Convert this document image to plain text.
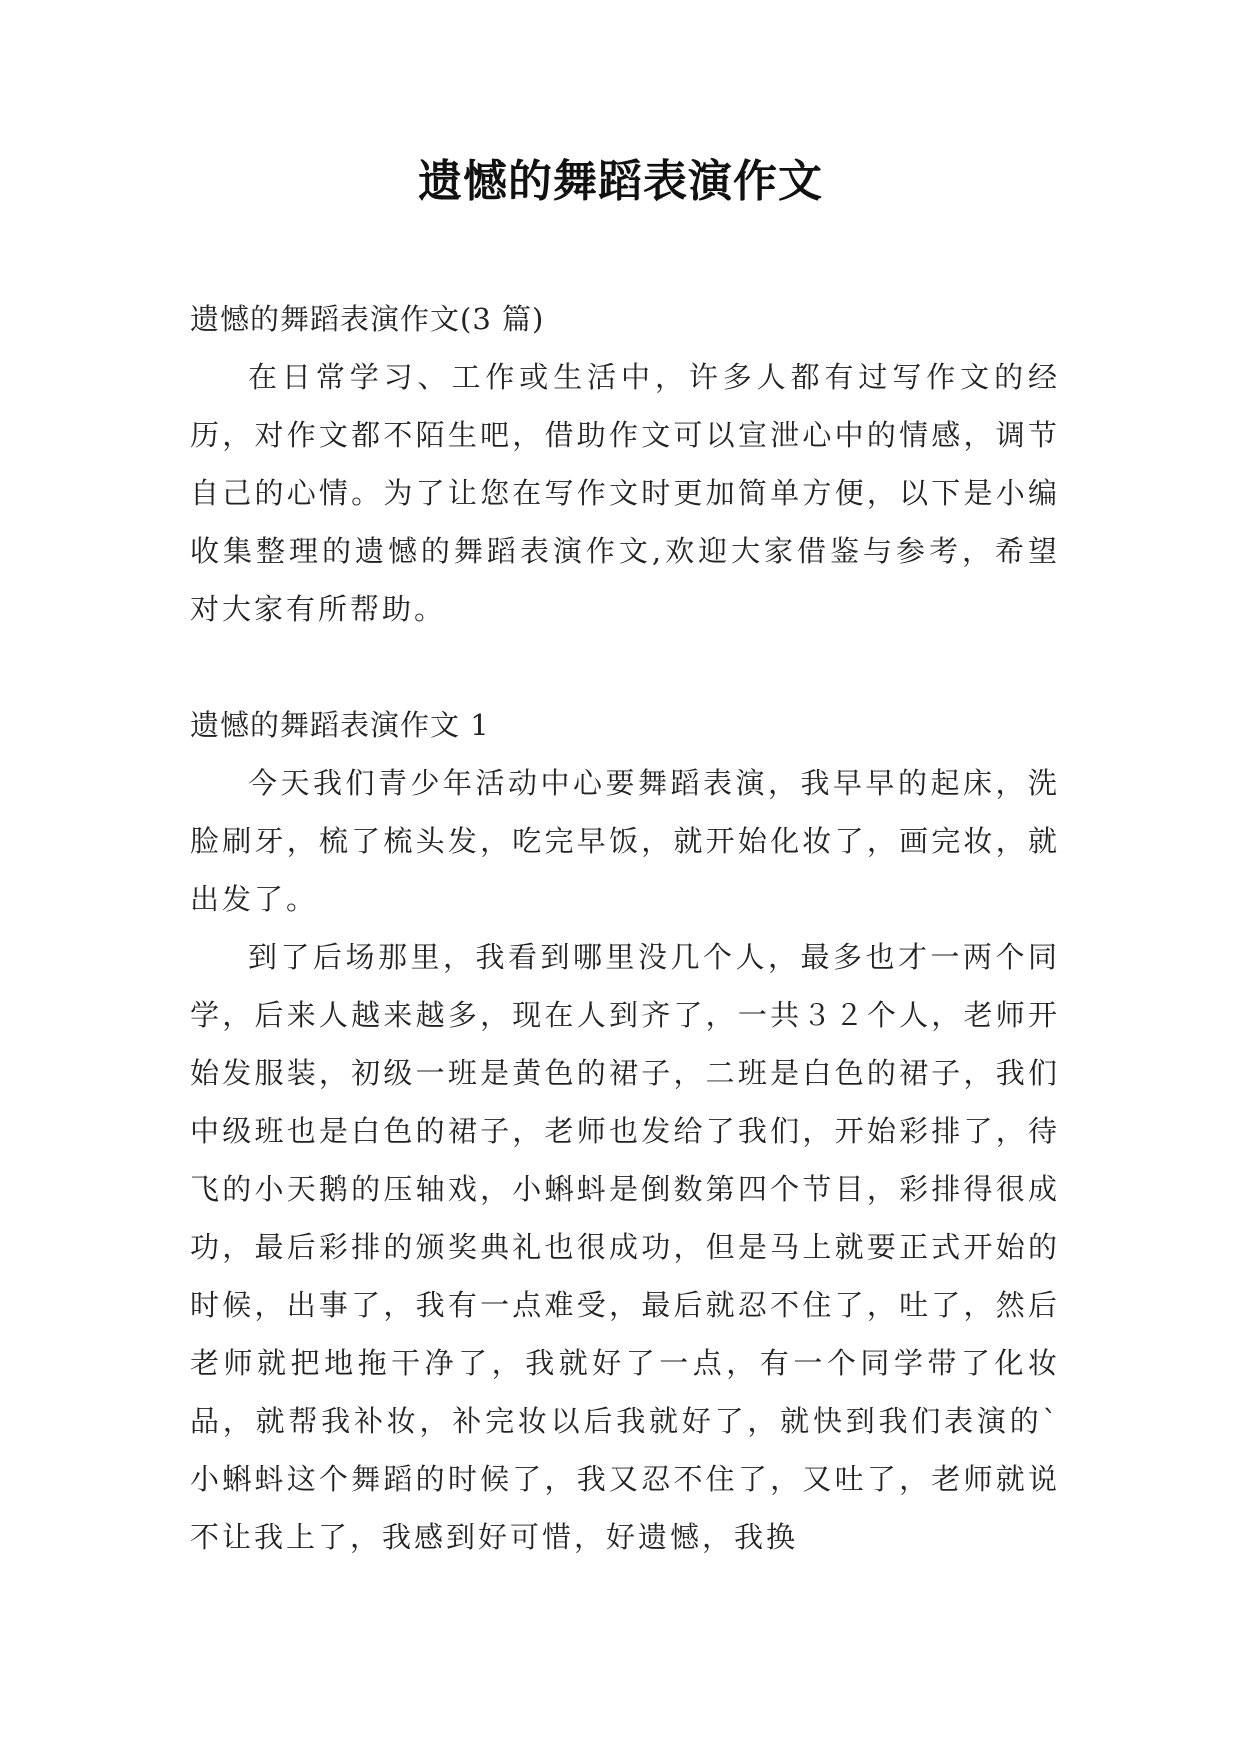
遗憾的舞蹈表演作文

遗憾的舞蹈表演作文(3 篇)

在日常学习、工作或生活中，许多人都有过写作文的经历，对作文都不陌生吧，借助作文可以宣泄心中的情感，调节自己的心情。为了让您在写作文时更加简单方便，以下是小编收集整理的遗憾的舞蹈表演作文,欢迎大家借鉴与参考，希望对大家有所帮助。

遗憾的舞蹈表演作文 1

今天我们青少年活动中心要舞蹈表演，我早早的起床，洗脸刷牙，梳了梳头发，吃完早饭，就开始化妆了，画完妆，就出发了。

到了后场那里，我看到哪里没几个人，最多也才一两个同学，后来人越来越多，现在人到齐了，一共３２个人，老师开始发服装，初级一班是黄色的裙子，二班是白色的裙子，我们中级班也是白色的裙子，老师也发给了我们，开始彩排了，待飞的小天鹅的压轴戏，小蝌蚪是倒数第四个节目，彩排得很成功，最后彩排的颁奖典礼也很成功，但是马上就要正式开始的时候，出事了，我有一点难受，最后就忍不住了，吐了，然后老师就把地拖干净了，我就好了一点，有一个同学带了化妆品，就帮我补妆，补完妆以后我就好了，就快到我们表演的`小蝌蚪这个舞蹈的时候了，我又忍不住了，又吐了，老师就说不让我上了，我感到好可惜，好遗憾，我换
